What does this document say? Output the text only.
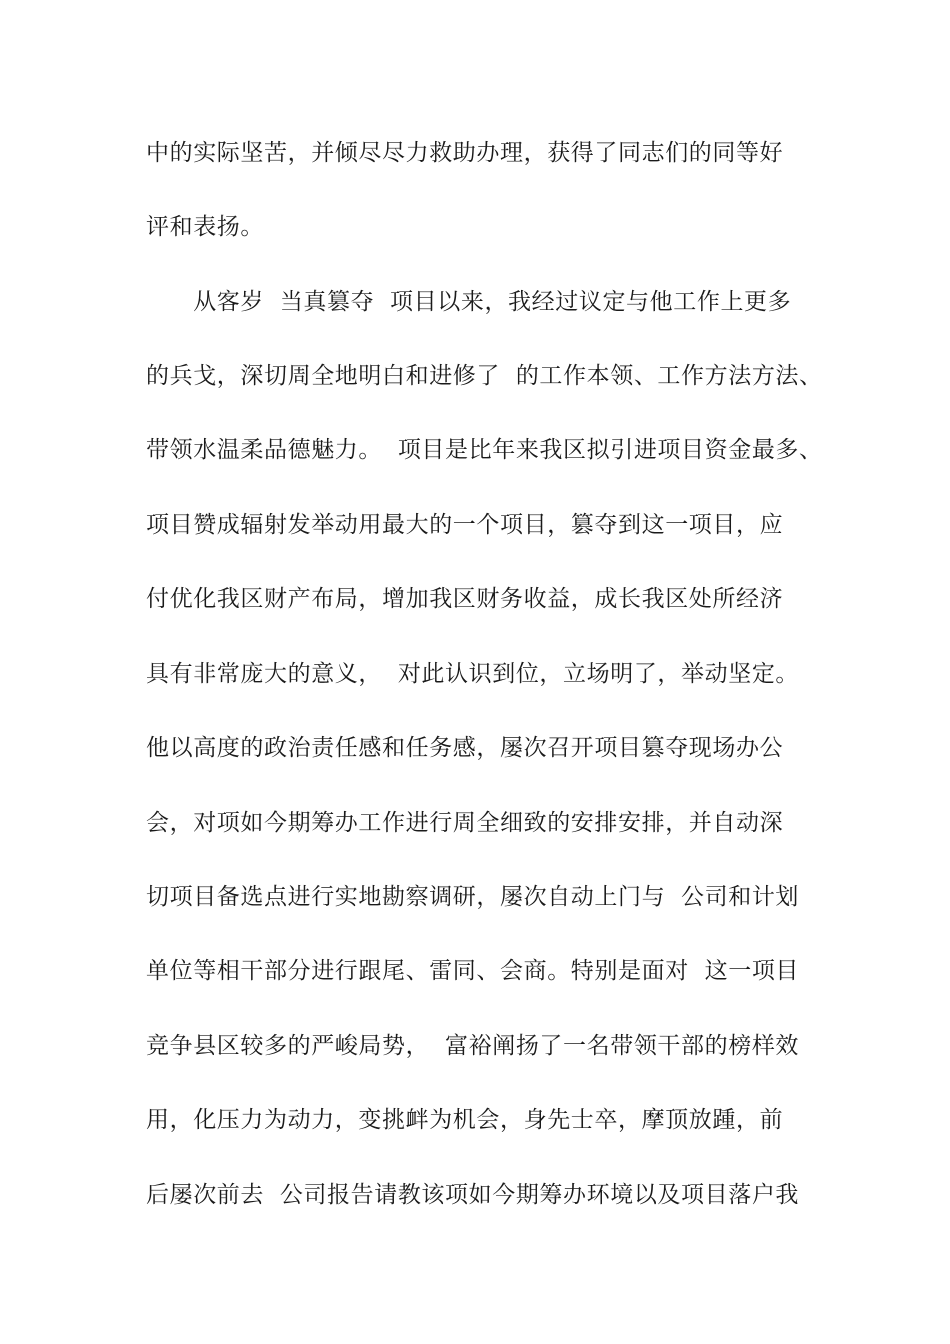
中的实际坚苦，并倾尽尽力救助办理，获得了同志们的同等好
评和表扬。
　　从客岁  当真篡夺  项目以来，我经过议定与他工作上更多
的兵戈，深切周全地明白和进修了  的工作本领、工作方法方法、
带领水温柔品德魅力。  项目是比年来我区拟引进项目资金最多、
项目赞成辐射发举动用最大的一个项目，篡夺到这一项目，应
付优化我区财产布局，增加我区财务收益，成长我区处所经济
具有非常庞大的意义，  对此认识到位，立场明了，举动坚定。
他以高度的政治责任感和任务感，屡次召开项目篡夺现场办公
会，对项如今期筹办工作进行周全细致的安排安排，并自动深
切项目备选点进行实地勘察调研，屡次自动上门与  公司和计划
单位等相干部分进行跟尾、雷同、会商。特别是面对  这一项目
竞争县区较多的严峻局势，  富裕阐扬了一名带领干部的榜样效
用，化压力为动力，变挑衅为机会，身先士卒，摩顶放踵，前
后屡次前去  公司报告请教该项如今期筹办环境以及项目落户我
